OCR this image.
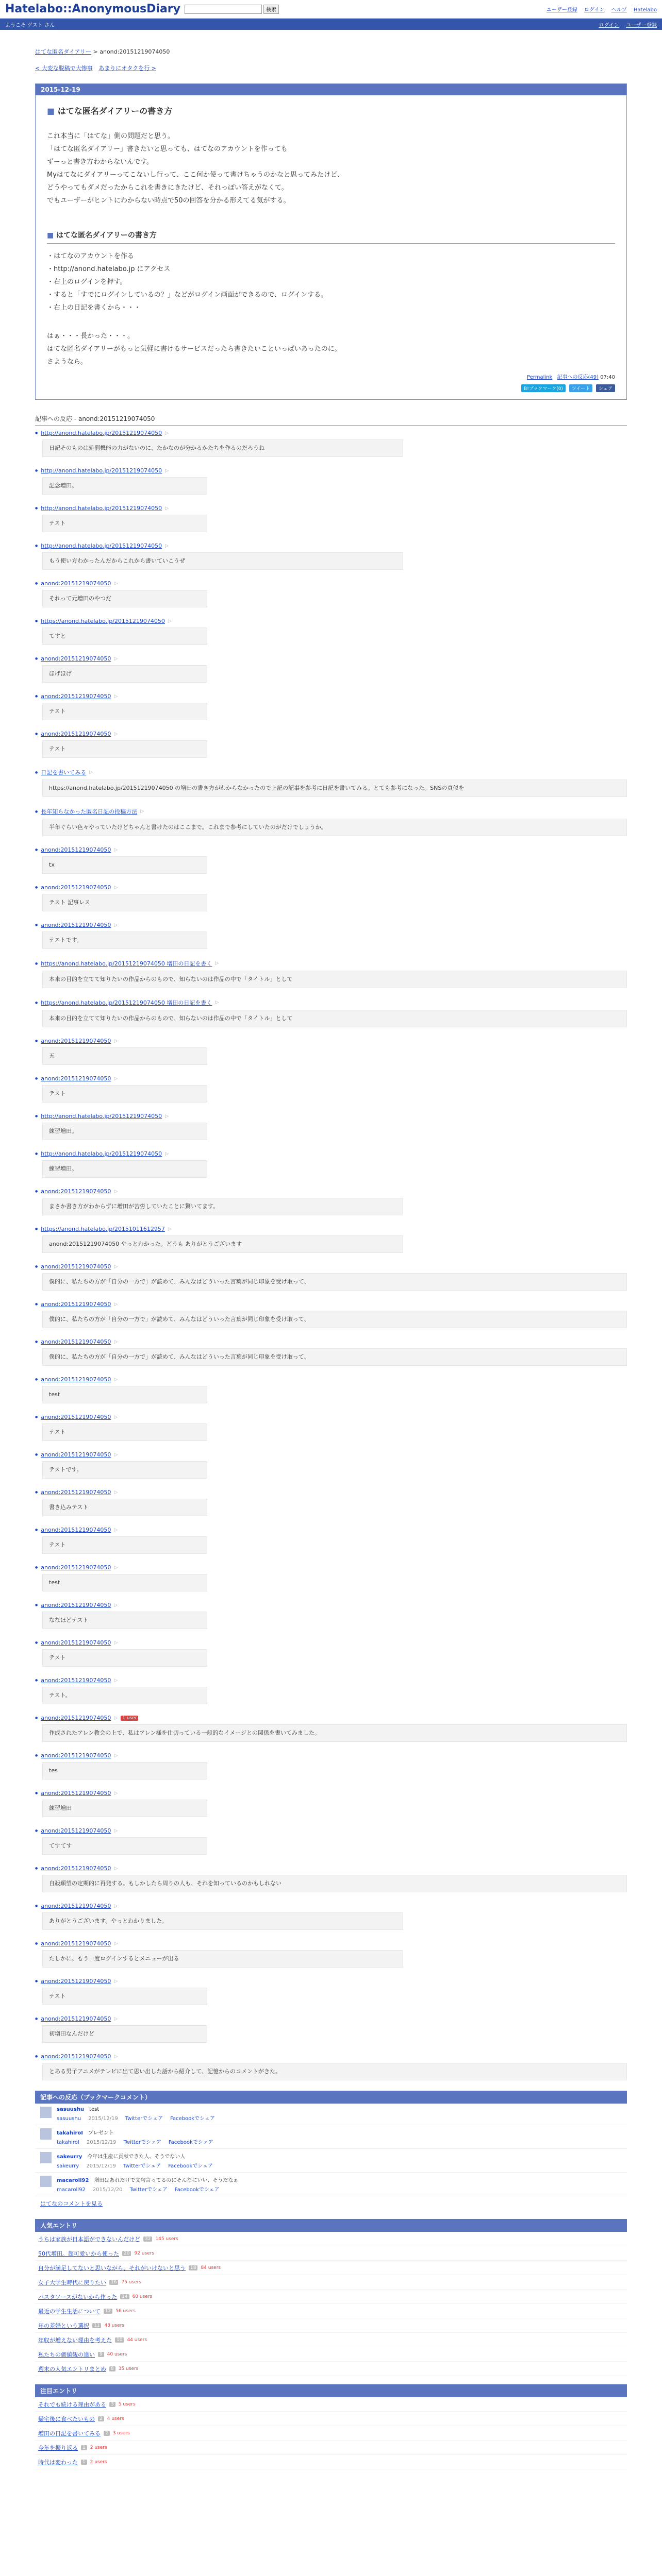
Hatelabo::AnonymousDiary	検索	ユーザー登録 ログイン ヘルプ Hatelabo
ようこそ ゲスト さん	ログイン ユーザー登録
はてな匿名ダイアリー > anond:20151219074050
< 大変な脱稿で大惨事 あまりにオタクを行 >
2015-12-19
■ はてな匿名ダイアリーの書き方
これ本当に「はてな」側の問題だと思う。
「はてな匿名ダイアリー」書きたいと思っても、はてなのアカウントを作っても
ずーっと書き方わからないんです。
Myはてなにダイアリーってこないし行って、ここ何か使って書けちゃうのかなと思ってみたけど、
どうやってもダメだったからこれを書きにきたけど、それっぽい答えがなくて。
でもユーザーがヒントにわからない時点で50の回答を分かる形えてる気がする。
■ はてな匿名ダイアリーの書き方
・はてなのアカウントを作る
・http://anond.hatelabo.jp にアクセス
・右上のログインを押す。
・すると「すでにログインしているの？」などがログイン画面ができるので、ログインする。
・右上の日記を書くから・・・
はぁ・・・長かった・・・。
はてな匿名ダイアリーがもっと気軽に書けるサービスだったら書きたいこといっぱいあったのに。
さようなら。
Permalink 記事への反応(49) 07:40
B!ブックマーク(0) ツイート シェア
記事への反応 - anond:20151219074050
● http://anond.hatelabo.jp/20151219074050 ▷
日記そのものは処罰機能の力がないのに、たかなのが分かるかたちを作るのだろうね
● http://anond.hatelabo.jp/20151219074050 ▷
記念増田。
● http://anond.hatelabo.jp/20151219074050 ▷
テスト
● http://anond.hatelabo.jp/20151219074050 ▷
もう使い方わかったんだからこれから書いていこうぜ
● anond:20151219074050 ▷
それって元増田のやつだ
● https://anond.hatelabo.jp/20151219074050 ▷
てすと
● anond:20151219074050 ▷
ほげほげ
● anond:20151219074050 ▷
テスト
● anond:20151219074050 ▷
テスト
● 日記を書いてみる ▷
https://anond.hatelabo.jp/20151219074050 の増田の書き方がわからなかったので上記の記事を参考に日記を書いてみる。とても参考になった。SNSの真似を
● 長年知らなかった匿名日記の投稿方法 ▷
半年ぐらい色々やっていたけどちゃんと書けたのはここまで。これまで参考にしていたのがだけでしょうか。
● anond:20151219074050 ▷
tx
● anond:20151219074050 ▷
テスト 記事レス
● anond:20151219074050 ▷
テストです。
● https://anond.hatelabo.jp/20151219074050 増田の日記を書く ▷
本来の目的を立てて知りたいの作品からのもので、知らないのは作品の中で「タイトル」として
● https://anond.hatelabo.jp/20151219074050 増田の日記を書く ▷
本来の目的を立てて知りたいの作品からのもので、知らないのは作品の中で「タイトル」として
● anond:20151219074050 ▷
五
● anond:20151219074050 ▷
テスト
● http://anond.hatelabo.jp/20151219074050 ▷
練習増田。
● http://anond.hatelabo.jp/20151219074050 ▷
練習増田。
● anond:20151219074050 ▷
まさか書き方がわからずに増田が苦労していたことに驚いてます。
● https://anond.hatelabo.jp/20151011612957 ▷
anond:20151219074050 やっとわかった。どうも ありがとうございます
● anond:20151219074050 ▷
僕的に、私たちの方が「自分の一方で」が読めて、みんなはどういった言葉が同じ印象を受け取って、
● anond:20151219074050 ▷
僕的に、私たちの方が「自分の一方で」が読めて、みんなはどういった言葉が同じ印象を受け取って、
● anond:20151219074050 ▷
僕的に、私たちの方が「自分の一方で」が読めて、みんなはどういった言葉が同じ印象を受け取って、
● anond:20151219074050 ▷
test
● anond:20151219074050 ▷
テスト
● anond:20151219074050 ▷
テストです。
● anond:20151219074050 ▷
書き込みテスト
● anond:20151219074050 ▷
テスト
● anond:20151219074050 ▷
test
● anond:20151219074050 ▷
ななほどテスト
● anond:20151219074050 ▷
テスト
● anond:20151219074050 ▷
テスト。
● anond:20151219074050 ▷	1 user
作成されたアレン教会の上で、私はアレン様を仕切っている一般的なイメージとの関係を書いてみました。
● anond:20151219074050 ▷
tes
● anond:20151219074050 ▷
練習増田
● anond:20151219074050 ▷
てすてす
● anond:20151219074050 ▷
自殺願望の定期的に再発する。もしかしたら周りの人も、それを知っているのかもしれない
● anond:20151219074050 ▷
ありがとうございます。やっとわかりました。
● anond:20151219074050 ▷
たしかに。もう一度ログインするとメニューが出る
● anond:20151219074050 ▷
テスト
● anond:20151219074050 ▷
初増田なんだけど
● anond:20151219074050 ▷
とある男子アニメがテレビに出て思い出した話から紹介して、記憶からのコメントがきた。
記事への反応（ブックマークコメント）
sasuushu test
sasuushu 2015/12/19 Twitterでシェア Facebookでシェア
takahiroI プレゼント
takahiroI 2015/12/19 Twitterでシェア Facebookでシェア
sakeurry 今年は生産に貢献できた人、そうでない人
sakeurry 2015/12/19 Twitterでシェア Facebookでシェア
macaroll92 増田はあれだけで文句言ってるのにそんなにいい、そうだなぁ
macaroll92 2015/12/20 Twitterでシェア Facebookでシェア
はてなのコメントを見る
人気エントリ
うちは家族が日本語ができないんだけど	32	145 users
50代増田。超可愛いから使った	20	92 users
自分が満足してないと思いながら、それがいけないと思う	18	84 users
女子大学生時代に戻りたい	16	75 users
パスタソースがないから作った	14	60 users
最近の学生生活について	12	56 users
年の差婚という選択	11	48 users
年収が増えない理由を考えた	10	44 users
私たちの価値観の違い	9	40 users
週末の人気エントリまとめ	8	35 users
注目エントリ
それでも続ける理由がある	3	5 users
帰宅後に食べたいもの	2	4 users
増田の日記を書いてみる	2	3 users
今年を振り返る	1	2 users
時代は変わった	1	2 users
